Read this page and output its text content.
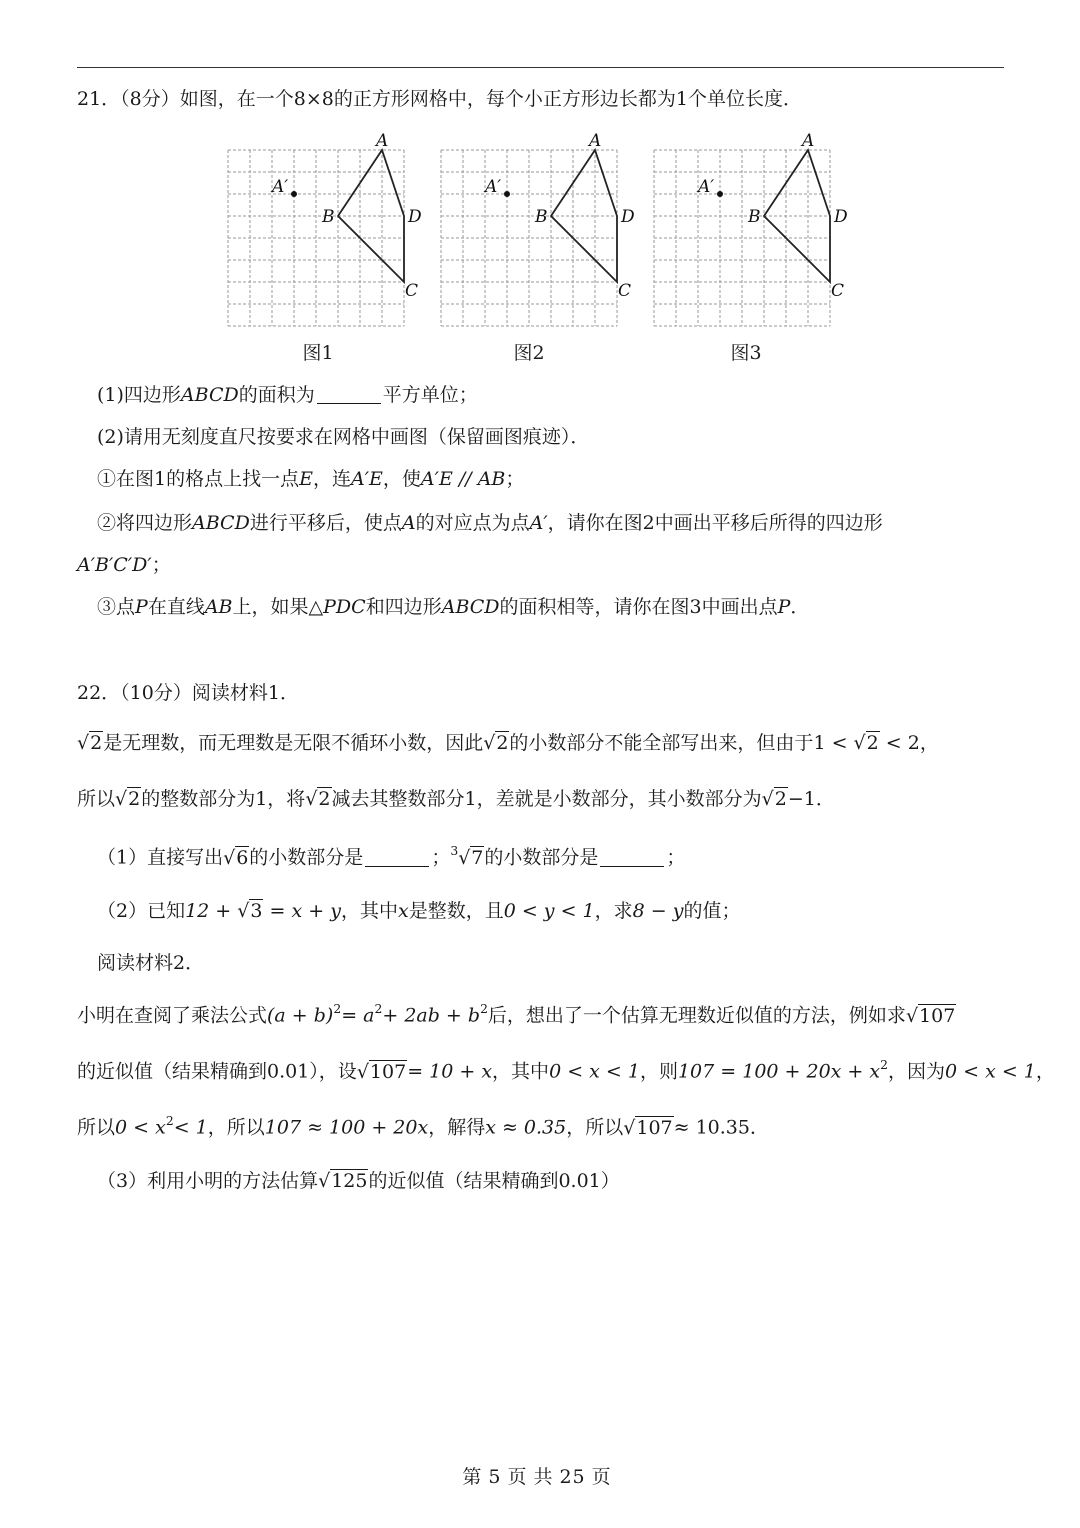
21．（8分）如图，在一个8×8的正方形网格中，每个小正方形边长都为1个单位长度．
A
B
C
D
A′
A
B
C
D
A′
A
B
C
D
A′
图1	图2	图3
(1)四边形ABCD的面积为	平方单位；
(2)请用无刻度直尺按要求在网格中画图（保留画图痕迹）．
①在图1的格点上找一点E，连A′E，使A′E // AB；
②将四边形ABCD进行平移后，使点A的对应点为点A′，请你在图2中画出平移后所得的四边形
A′B′C′D′；
③点P在直线AB上，如果△PDC和四边形ABCD的面积相等，请你在图3中画出点P．
22．（10分）阅读材料1．
√2是无理数，而无理数是无限不循环小数，因此√2的小数部分不能全部写出来，但由于1 < √2 < 2，
所以√2的整数部分为1，将√2减去其整数部分1，差就是小数部分，其小数部分为√2−1．
（1）直接写出√6的小数部分是	；$^3$√7的小数部分是	；
（2）已知12 + √3 = x + y，其中x是整数，且0 < y < 1，求8 − y的值；
阅读材料2．
小明在查阅了乘法公式$(a + b)^2= a^2+ 2ab + b^2$后，想出了一个估算无理数近似值的方法，例如求√107
的近似值（结果精确到0.01），设√107= 10 + x，其中0 < x < 1，则$107 = 100 + 20x + x^2$，因为0 < x < 1，
所以$0 < x^2< 1$，所以107 ≈ 100 + 20x，解得x ≈ 0.35，所以√107≈ 10.35．
（3）利用小明的方法估算√125的近似值（结果精确到0.01）
第 5 页 共 25 页
